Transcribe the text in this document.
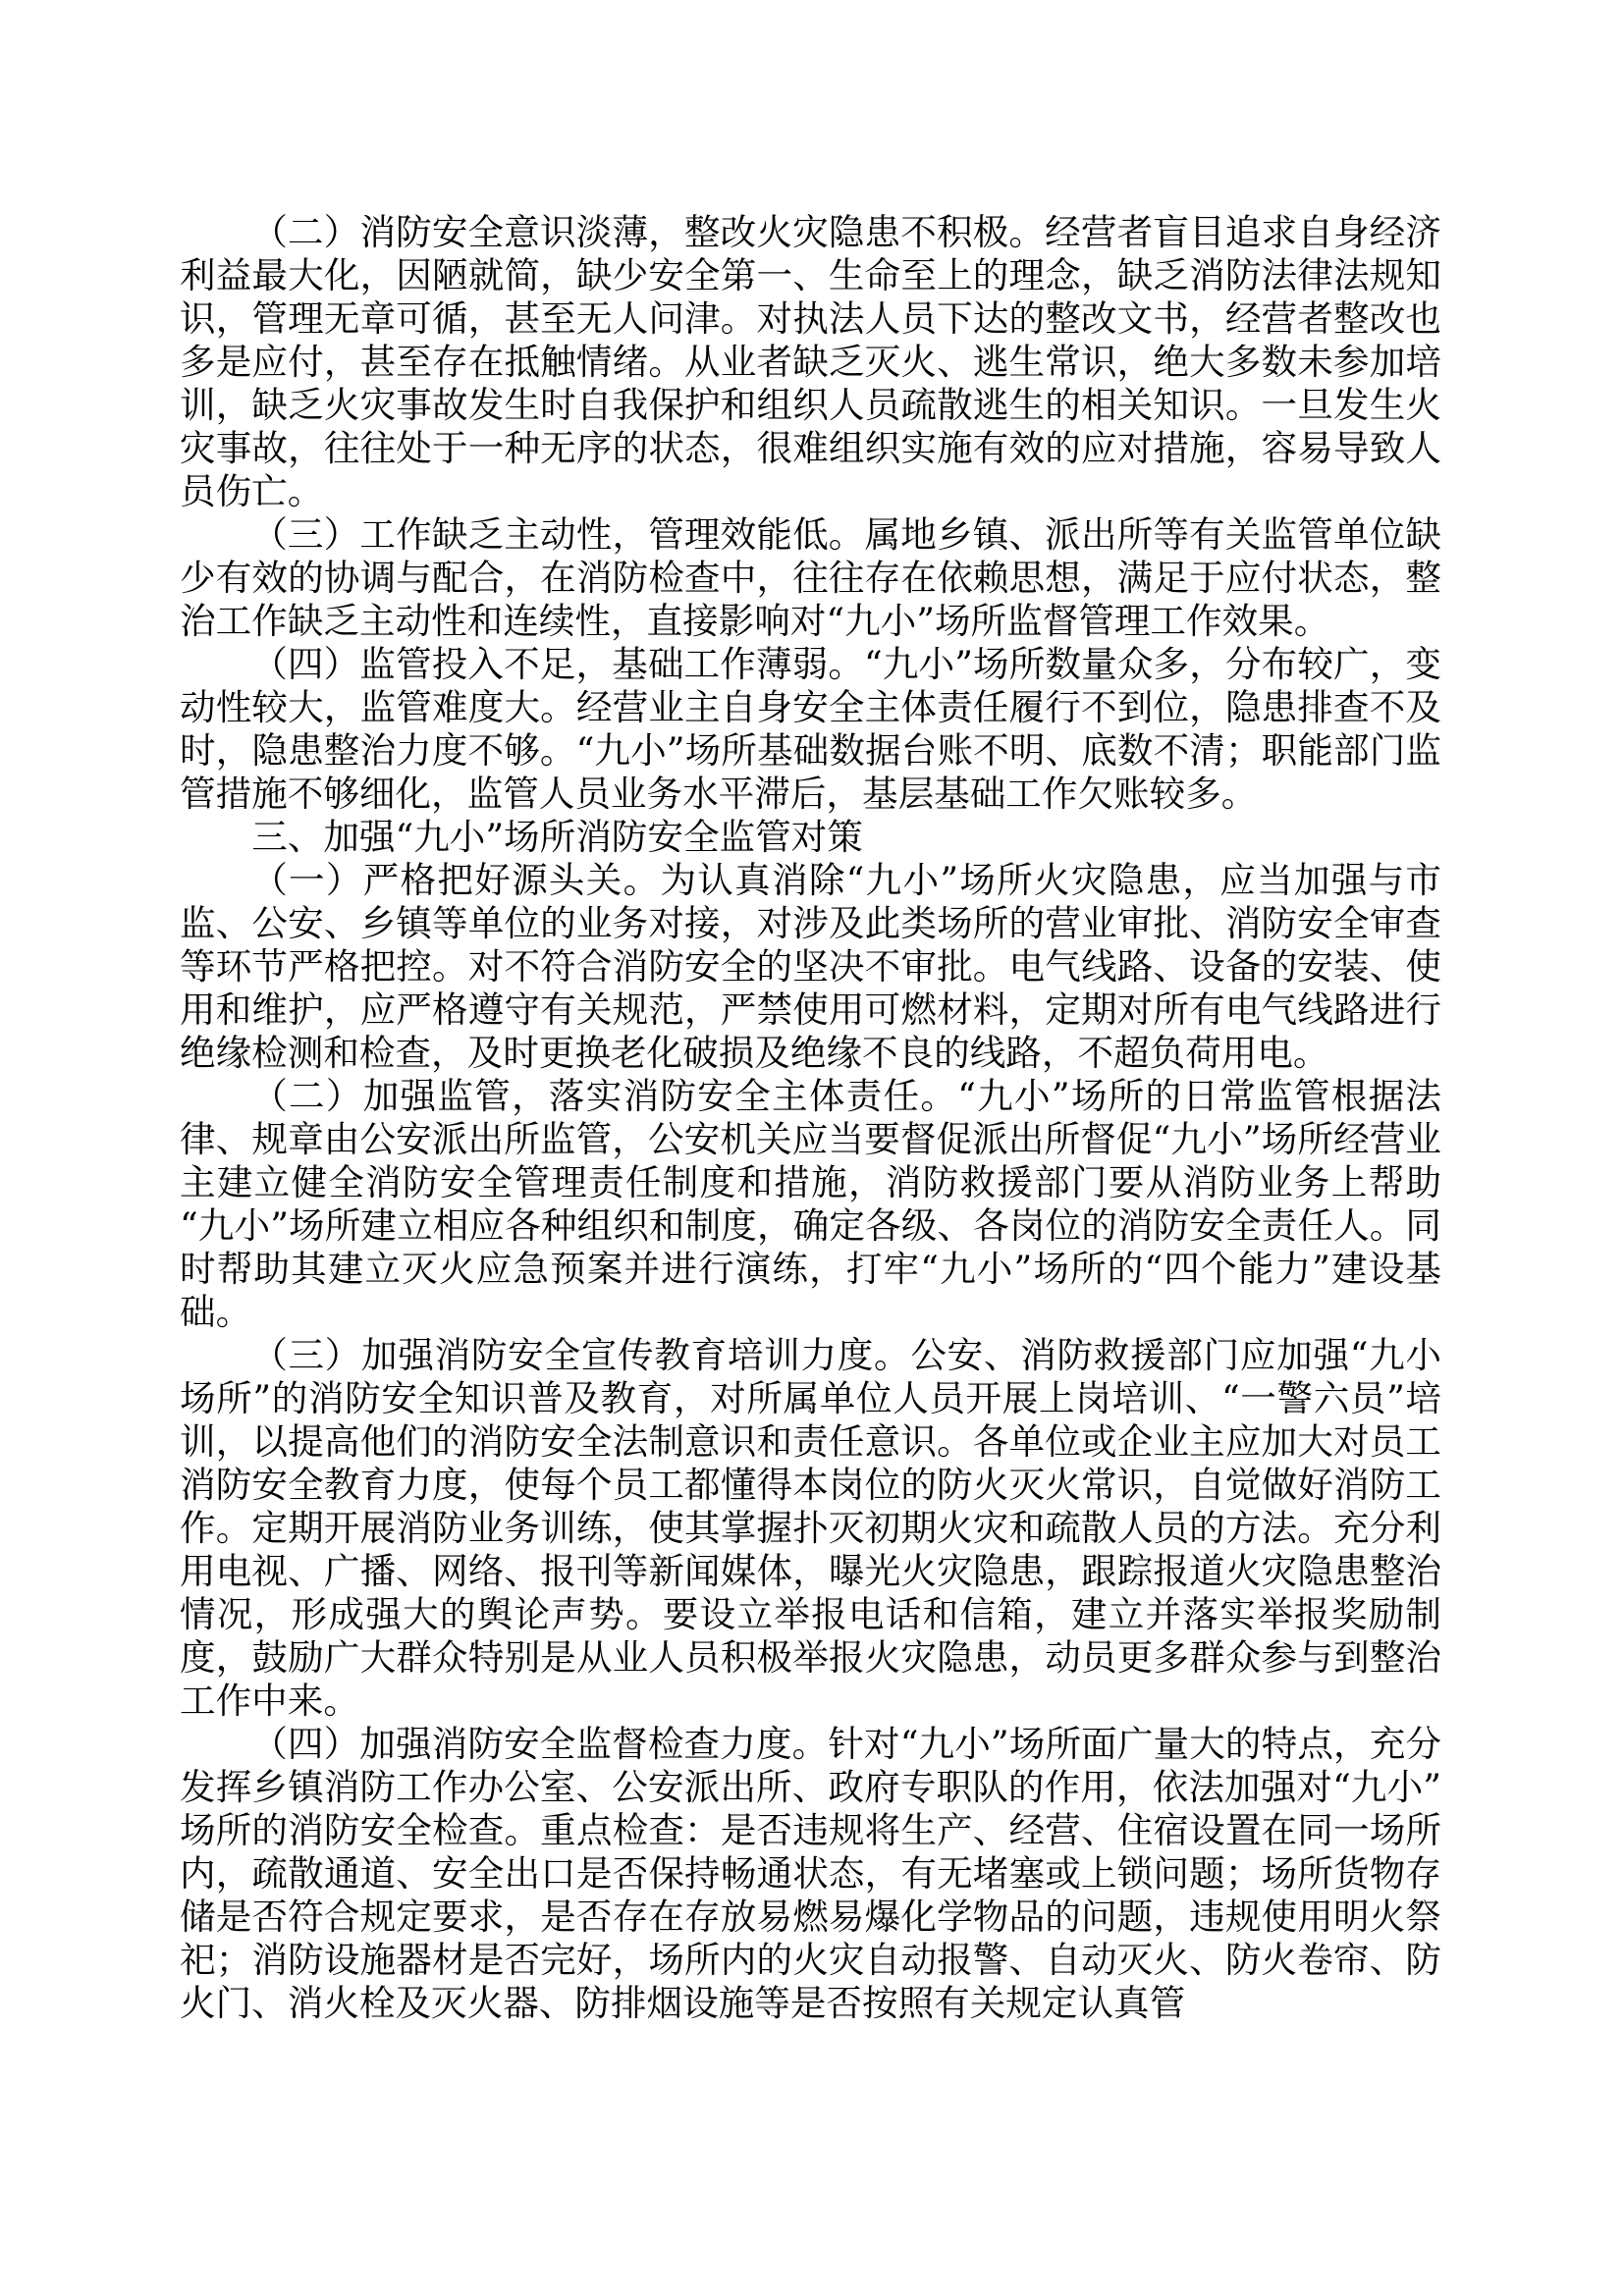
（二）消防安全意识淡薄，整改火灾隐患不积极。经营者盲目追求自身经济利益最大化，因陋就简，缺少安全第一、生命至上的理念，缺乏消防法律法规知识，管理无章可循，甚至无人问津。对执法人员下达的整改文书，经营者整改也多是应付，甚至存在抵触情绪。从业者缺乏灭火、逃生常识，绝大多数未参加培训，缺乏火灾事故发生时自我保护和组织人员疏散逃生的相关知识。一旦发生火灾事故，往往处于一种无序的状态，很难组织实施有效的应对措施，容易导致人员伤亡。

（三）工作缺乏主动性，管理效能低。属地乡镇、派出所等有关监管单位缺少有效的协调与配合，在消防检查中，往往存在依赖思想，满足于应付状态，整治工作缺乏主动性和连续性，直接影响对“九小”场所监督管理工作效果。

（四）监管投入不足，基础工作薄弱。“九小”场所数量众多，分布较广，变动性较大，监管难度大。经营业主自身安全主体责任履行不到位，隐患排查不及时，隐患整治力度不够。“九小”场所基础数据台账不明、底数不清；职能部门监管措施不够细化，监管人员业务水平滞后，基层基础工作欠账较多。

三、加强“九小”场所消防安全监管对策

（一）严格把好源头关。为认真消除“九小”场所火灾隐患，应当加强与市监、公安、乡镇等单位的业务对接，对涉及此类场所的营业审批、消防安全审查等环节严格把控。对不符合消防安全的坚决不审批。电气线路、设备的安装、使用和维护，应严格遵守有关规范，严禁使用可燃材料，定期对所有电气线路进行绝缘检测和检查，及时更换老化破损及绝缘不良的线路，不超负荷用电。

（二）加强监管，落实消防安全主体责任。“九小”场所的日常监管根据法律、规章由公安派出所监管，公安机关应当要督促派出所督促“九小”场所经营业主建立健全消防安全管理责任制度和措施，消防救援部门要从消防业务上帮助“九小”场所建立相应各种组织和制度，确定各级、各岗位的消防安全责任人。同时帮助其建立灭火应急预案并进行演练，打牢“九小”场所的“四个能力”建设基础。

（三）加强消防安全宣传教育培训力度。公安、消防救援部门应加强“九小场所”的消防安全知识普及教育，对所属单位人员开展上岗培训、“一警六员”培训，以提高他们的消防安全法制意识和责任意识。各单位或企业主应加大对员工消防安全教育力度，使每个员工都懂得本岗位的防火灭火常识，自觉做好消防工作。定期开展消防业务训练，使其掌握扑灭初期火灾和疏散人员的方法。充分利用电视、广播、网络、报刊等新闻媒体，曝光火灾隐患，跟踪报道火灾隐患整治情况，形成强大的舆论声势。要设立举报电话和信箱，建立并落实举报奖励制度，鼓励广大群众特别是从业人员积极举报火灾隐患，动员更多群众参与到整治工作中来。

（四）加强消防安全监督检查力度。针对“九小”场所面广量大的特点，充分发挥乡镇消防工作办公室、公安派出所、政府专职队的作用，依法加强对“九小”场所的消防安全检查。重点检查：是否违规将生产、经营、住宿设置在同一场所内，疏散通道、安全出口是否保持畅通状态，有无堵塞或上锁问题；场所货物存储是否符合规定要求，是否存在存放易燃易爆化学物品的问题，违规使用明火祭祀；消防设施器材是否完好，场所内的火灾自动报警、自动灭火、防火卷帘、防火门、消火栓及灭火器、防排烟设施等是否按照有关规定认真管
